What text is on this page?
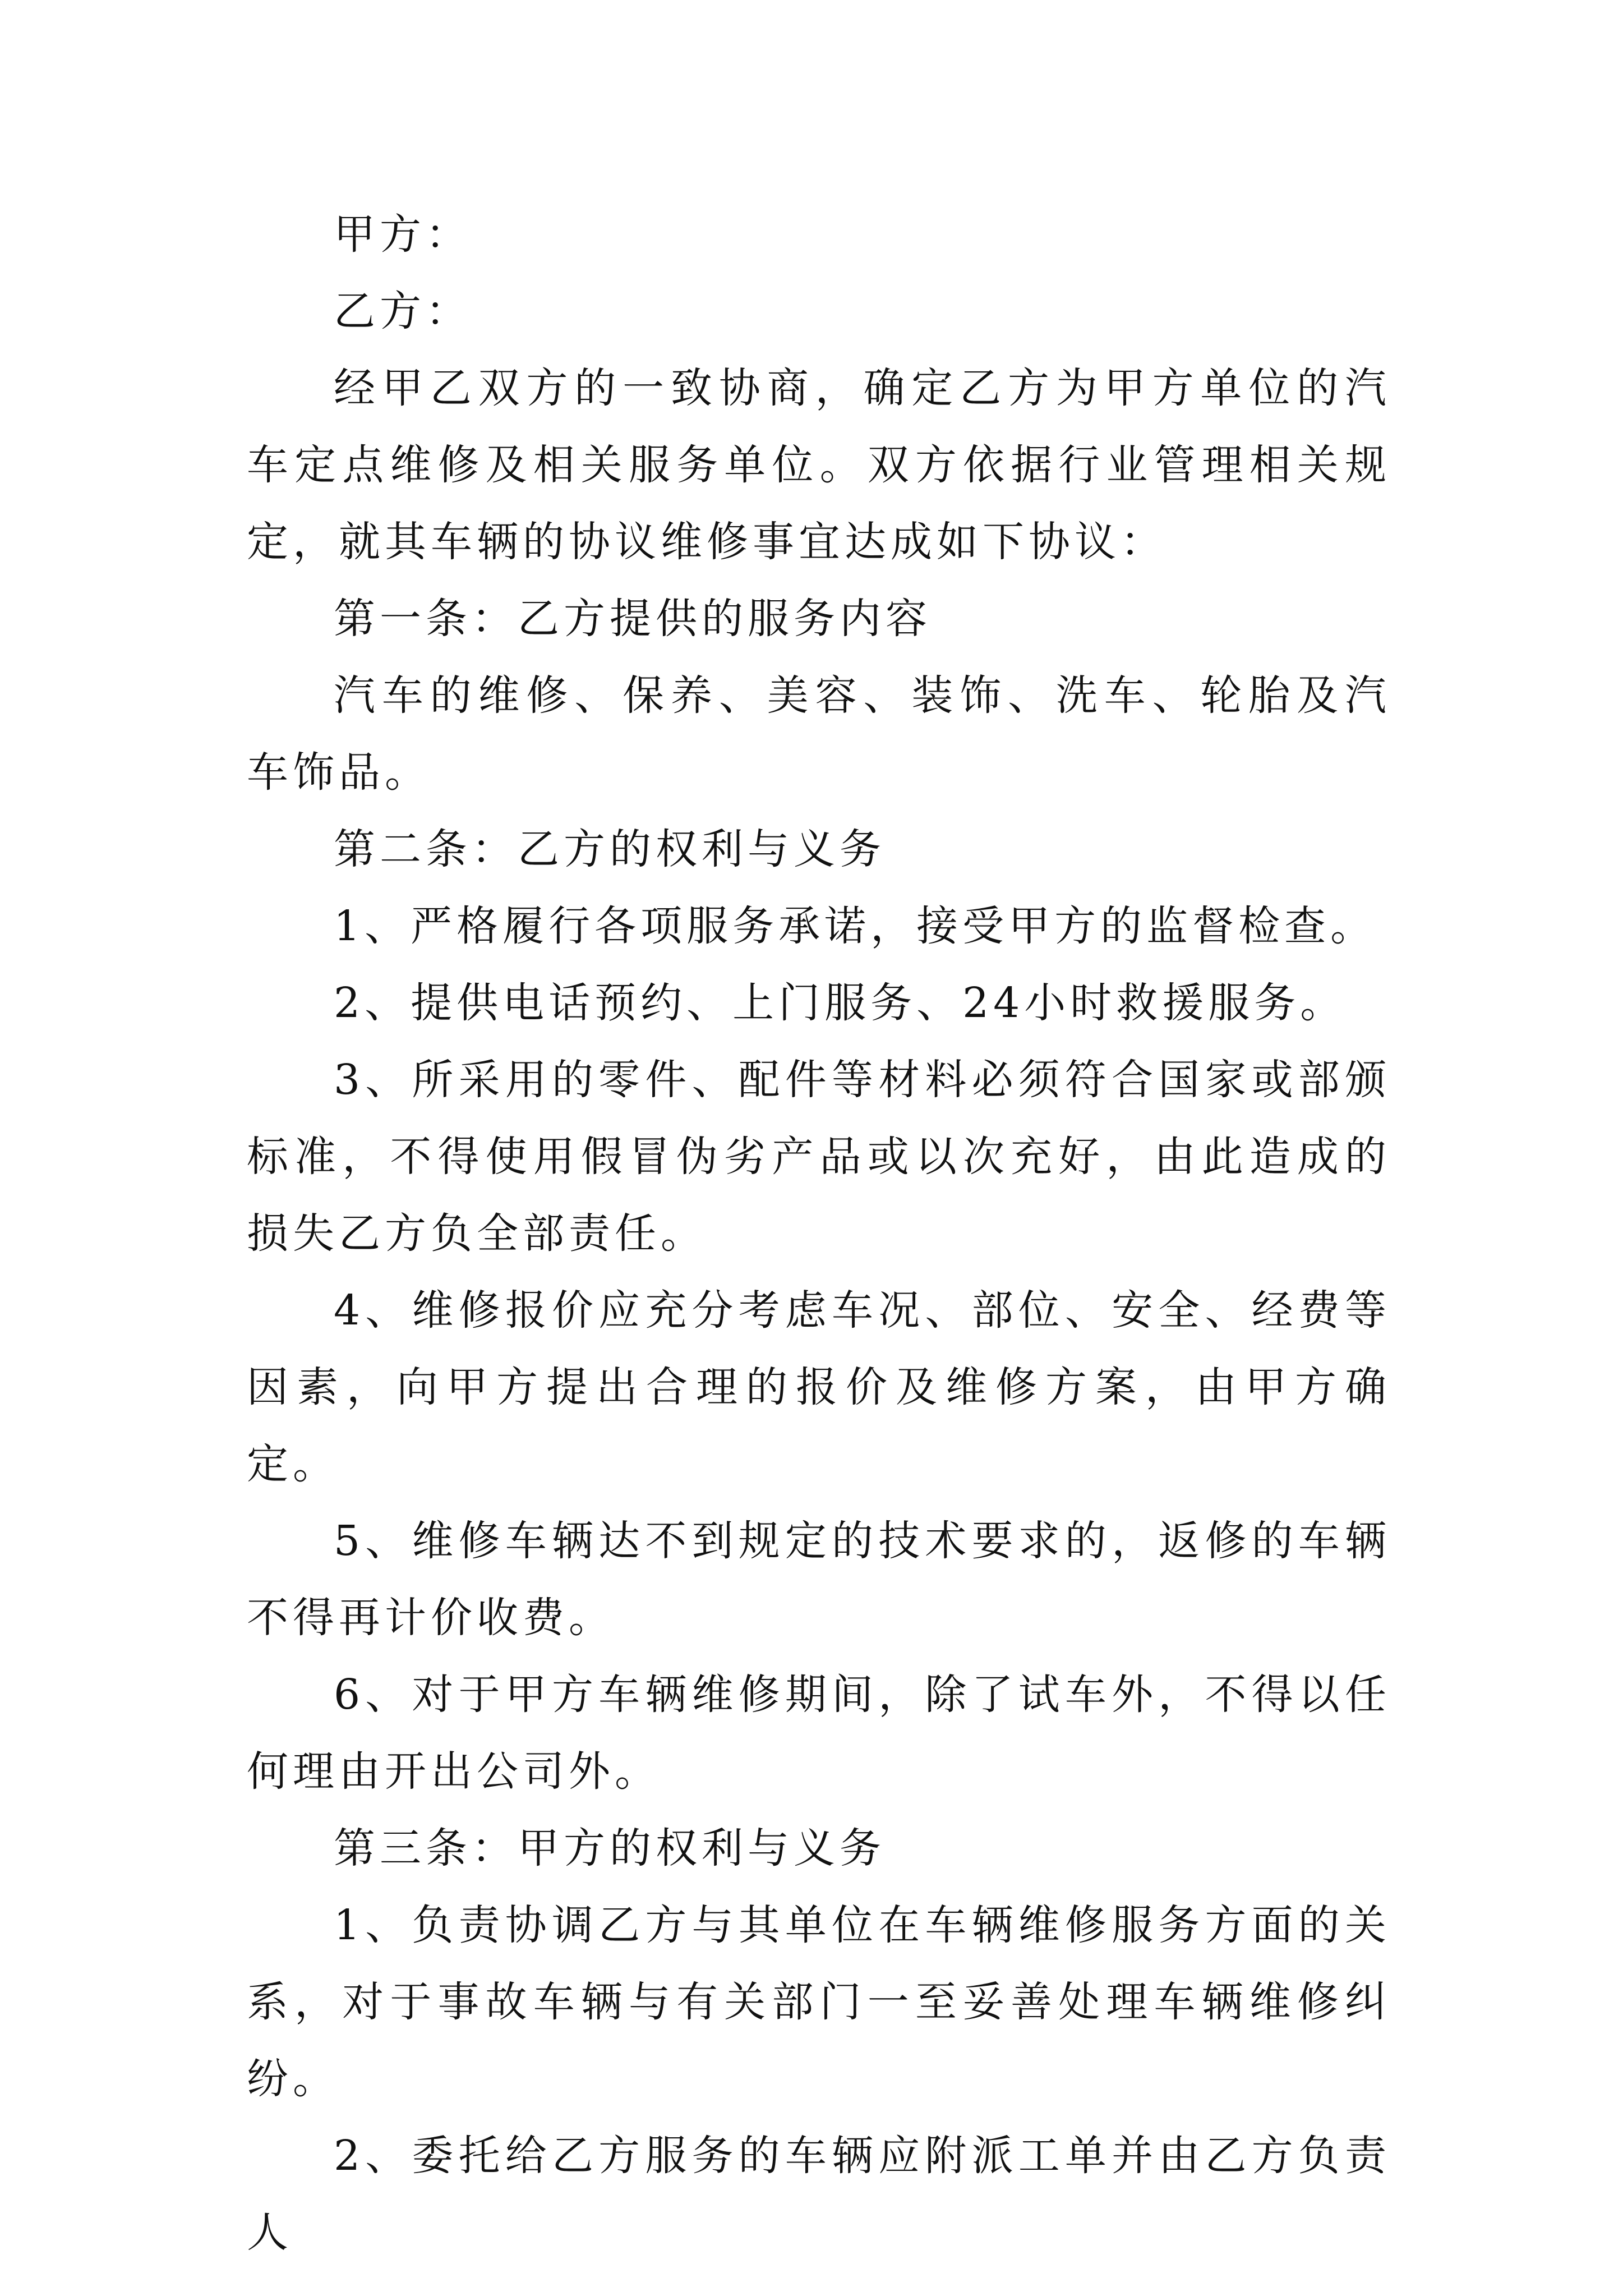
甲方：

乙方：

经甲乙双方的一致协商，确定乙方为甲方单位的汽车定点维修及相关服务单位。双方依据行业管理相关规定，就其车辆的协议维修事宜达成如下协议：

第一条：乙方提供的服务内容

汽车的维修、保养、美容、装饰、洗车、轮胎及汽车饰品。

第二条：乙方的权利与义务

1、严格履行各项服务承诺，接受甲方的监督检查。

2、提供电话预约、上门服务、24小时救援服务。

3、所采用的零件、配件等材料必须符合国家或部颁标准，不得使用假冒伪劣产品或以次充好，由此造成的损失乙方负全部责任。

4、维修报价应充分考虑车况、部位、安全、经费等因素，向甲方提出合理的报价及维修方案，由甲方确定。

5、维修车辆达不到规定的技术要求的，返修的车辆不得再计价收费。

6、对于甲方车辆维修期间，除了试车外，不得以任何理由开出公司外。

第三条：甲方的权利与义务

1、负责协调乙方与其单位在车辆维修服务方面的关系，对于事故车辆与有关部门一至妥善处理车辆维修纠纷。

2、委托给乙方服务的车辆应附派工单并由乙方负责人
